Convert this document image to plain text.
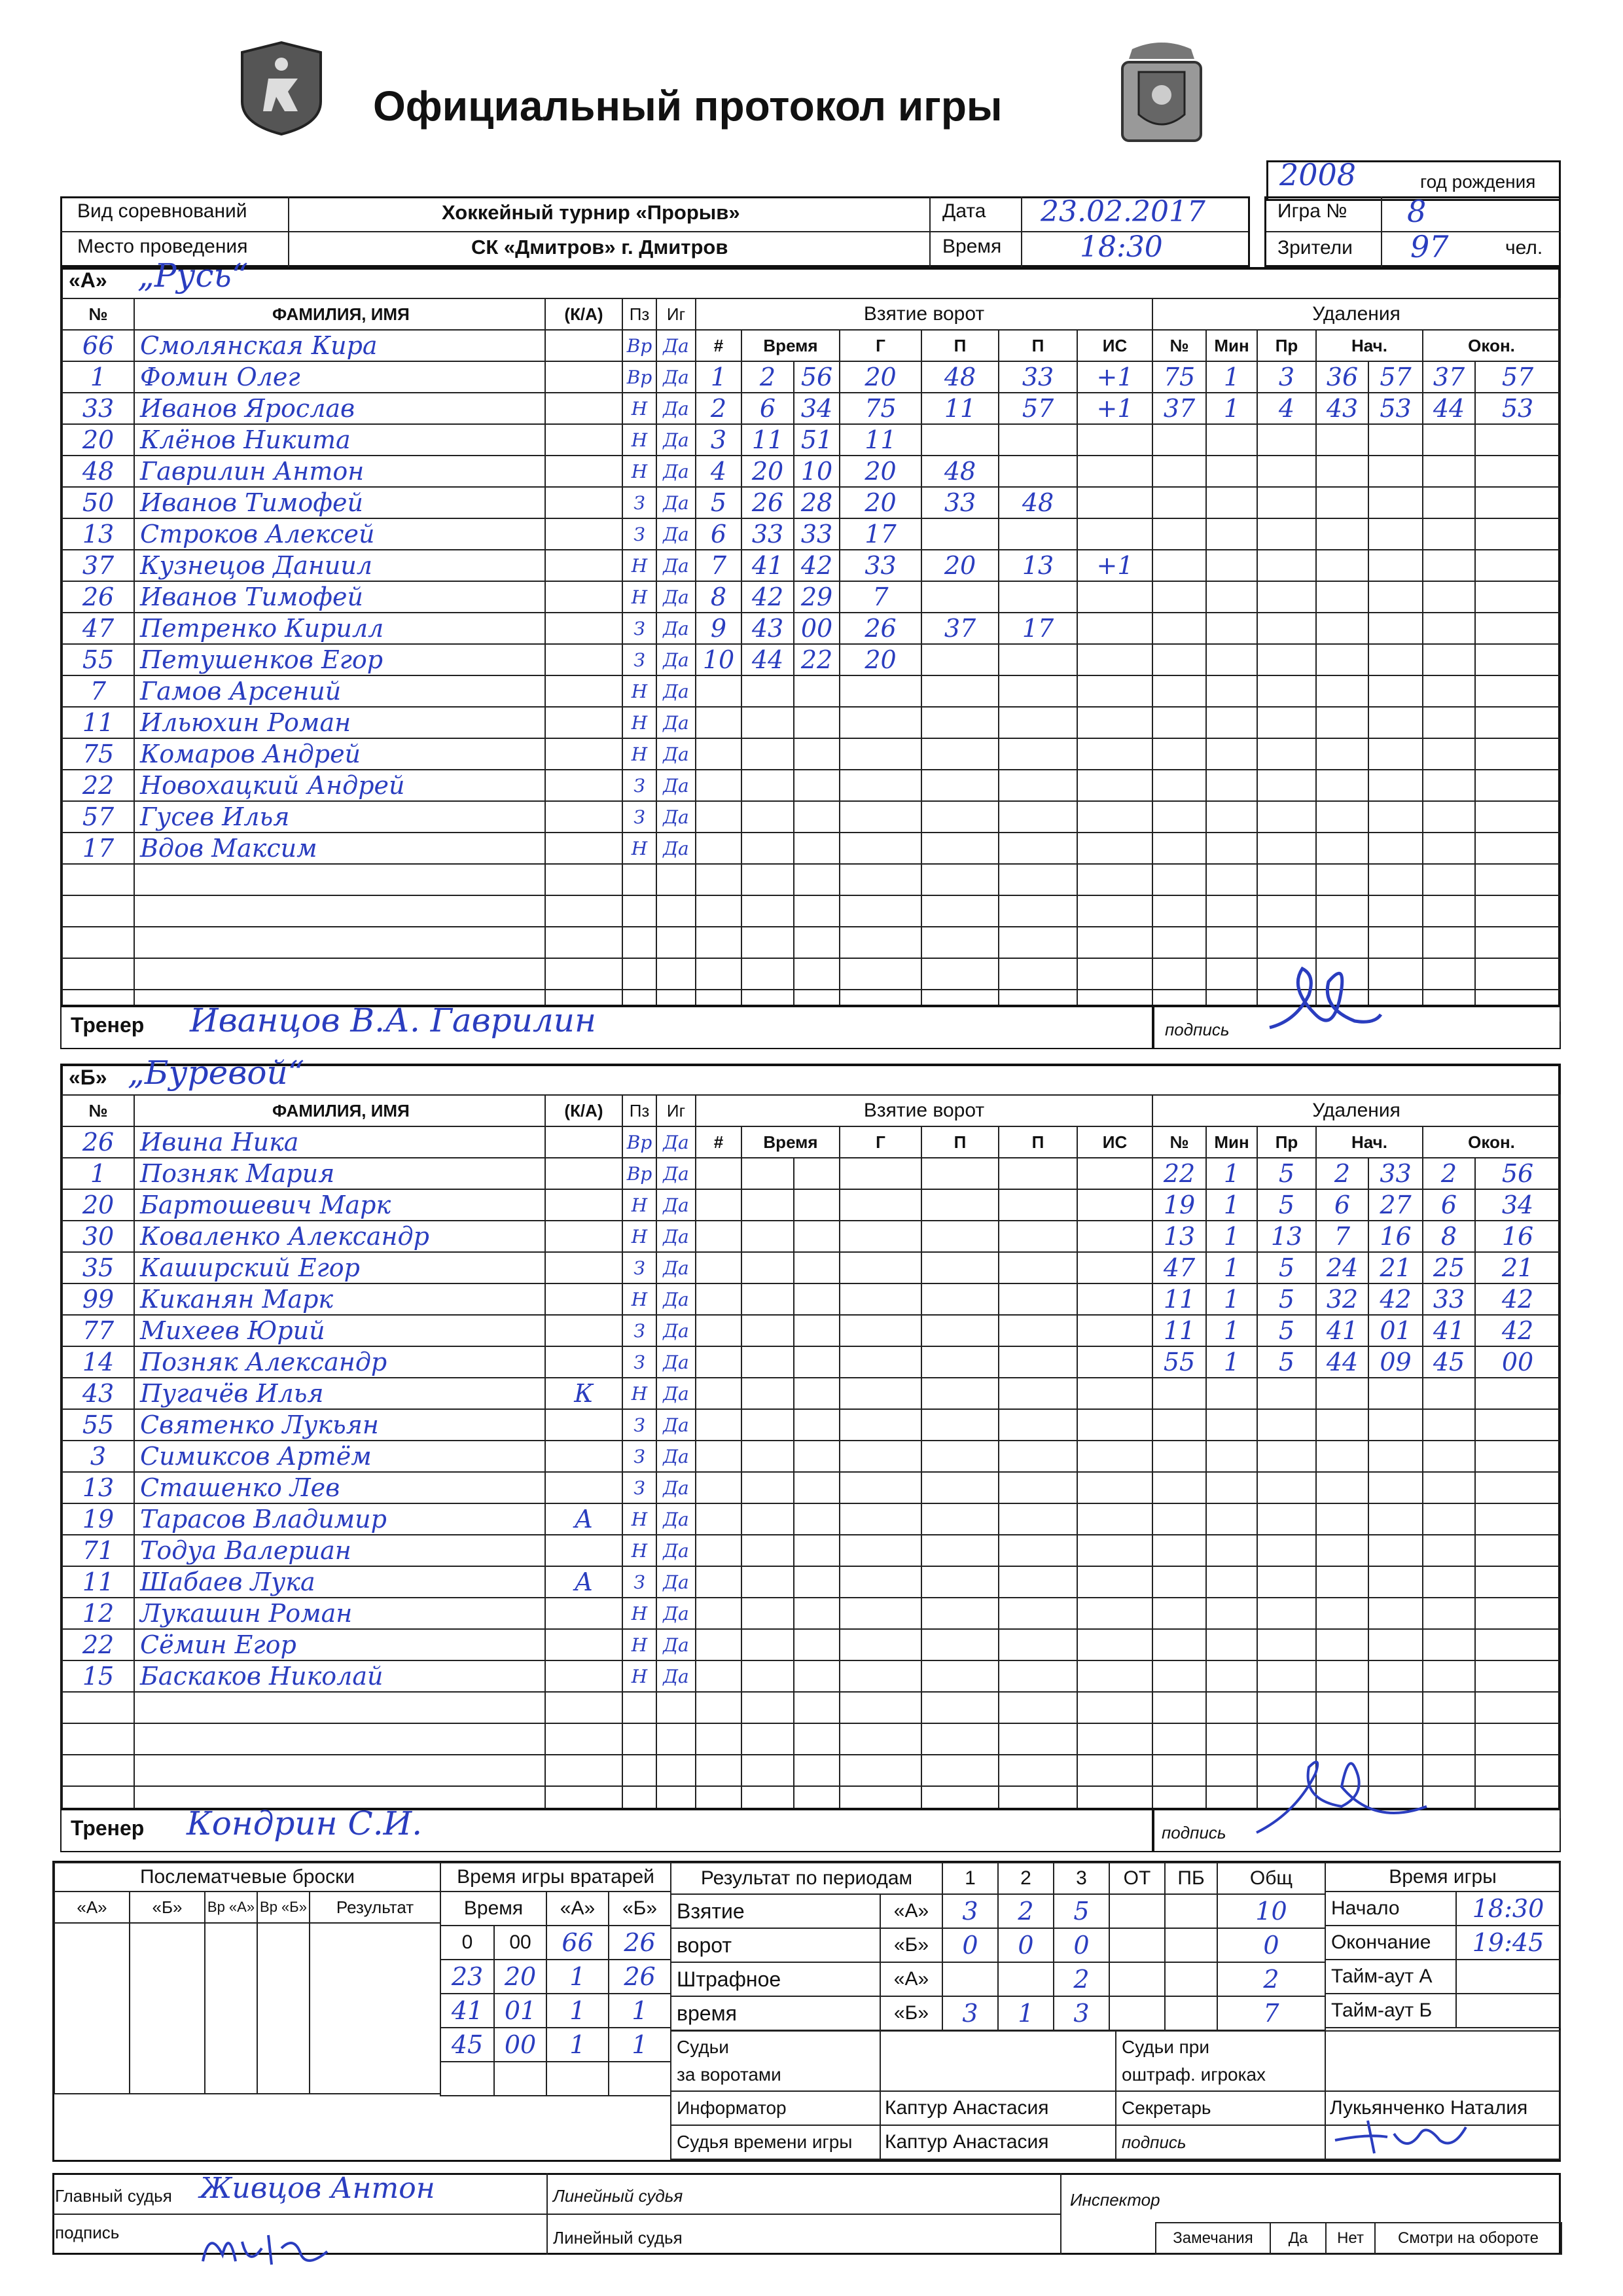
Официальный протокол игры
2008	год рождения
Вид соревнований	Хоккейный турнир «Прорыв»
Место проведения	СК «Дмитров» г. Дмитров
Дата 23.02.2017
Время	18:30
Игра № 8
Зрители 97	чел.
«А» „Русь“
№	ФАМИЛИЯ, ИМЯ	(К/А)	Пз	Иг
66	Смолянская Кира		Вр	Да
1	Фомин Олег		Вр	Да
33	Иванов Ярослав		Н	Да
20	Клёнов Никита		Н	Да
48	Гаврилин Антон		Н	Да
50	Иванов Тимофей		З	Да
13	Строков Алексей		З	Да
37	Кузнецов Даниил		Н	Да
26	Иванов Тимофей		Н	Да
47	Петренко Кирилл		З	Да
55	Петушенков Егор		З	Да
7	Гамов Арсений		Н	Да
11	Ильюхин Роман		Н	Да
75	Комаров Андрей		Н	Да
22	Новохацкий Андрей		З	Да
57	Гусев Илья		З	Да
17	Вдов Максим		Н	Да

Взятие ворот						
#	Время		Г	П	П	ИС
1	2	56	20	48	33	+1
2	6	34	75	11	57	+1
3	11	51	11			
4	20	10	20	48		
5	26	28	20	33	48	
6	33	33	17			
7	41	42	33	20	13	+1
8	42	29	7			
9	43	00	26	37	17	
10	44	22	20			

Удаления						
№	Мин	Пр	Нач.		Окон.	
75	1	3	36	57	37	57
37	1	4	43	53	44	53

Тренер Иванцов В.А. Гаврилин	подпись
«Б» „Буревой“
№	ФАМИЛИЯ, ИМЯ	(К/А)	Пз	Иг
26	Ивина Ника		Вр	Да
1	Позняк Мария		Вр	Да
20	Бартошевич Марк		Н	Да
30	Коваленко Александр		Н	Да
35	Каширский Егор		З	Да
99	Киканян Марк		Н	Да
77	Михеев Юрий		З	Да
14	Позняк Александр		З	Да
43	Пугачёв Илья	К	Н	Да
55	Святенко Лукьян		З	Да
3	Симиксов Артём		З	Да
13	Сташенко Лев		З	Да
19	Тарасов Владимир	А	Н	Да
71	Тодуа Валериан		Н	Да
11	Шабаев Лука	А	З	Да
12	Лукашин Роман		Н	Да
22	Сёмин Егор		Н	Да
15	Баскаков Николай		Н	Да

Взятие ворот						
#	Время		Г	П	П	ИС

Удаления						
№	Мин	Пр	Нач.		Окон.	
22	1	5	2	33	2	56
19	1	5	6	27	6	34
13	1	13	7	16	8	16
47	1	5	24	21	25	21
11	1	5	32	42	33	42
11	1	5	41	01	41	42
55	1	5	44	09	45	00

Тренер Кондрин С.И.	подпись
Послематчевые броски				
«А»	«Б»	Вр «А»	Вр «Б»	Результат

Время игры вратарей			
Время		«А»	«Б»
0	00	66	26
23	20	1	26
41	01	1	1
45	00	1	1

Результат по периодам		1	2	3	ОТ	ПБ	Общ
Взятие	«А»	3	2	5			10
ворот	«Б»	0	0	0			0
Штрафное	«А»			2			2
время	«Б»	3	1	3			7
Время игры	
Начало	18:30
Окончание	19:45
Тайм-аут А	
Тайм-аут Б	
Судьи
за воротами		Судьи при
оштраф. игроках	
Информатор	Каптур Анастасия	Секретарь	Лукьянченко Наталия
Судья времени игры	Каптур Анастасия	подпись	
Главный судья Живцов Антон
подпись
Линейный судья
Линейный судья
Инспектор
Замечания	Да	Нет	Смотри на обороте
